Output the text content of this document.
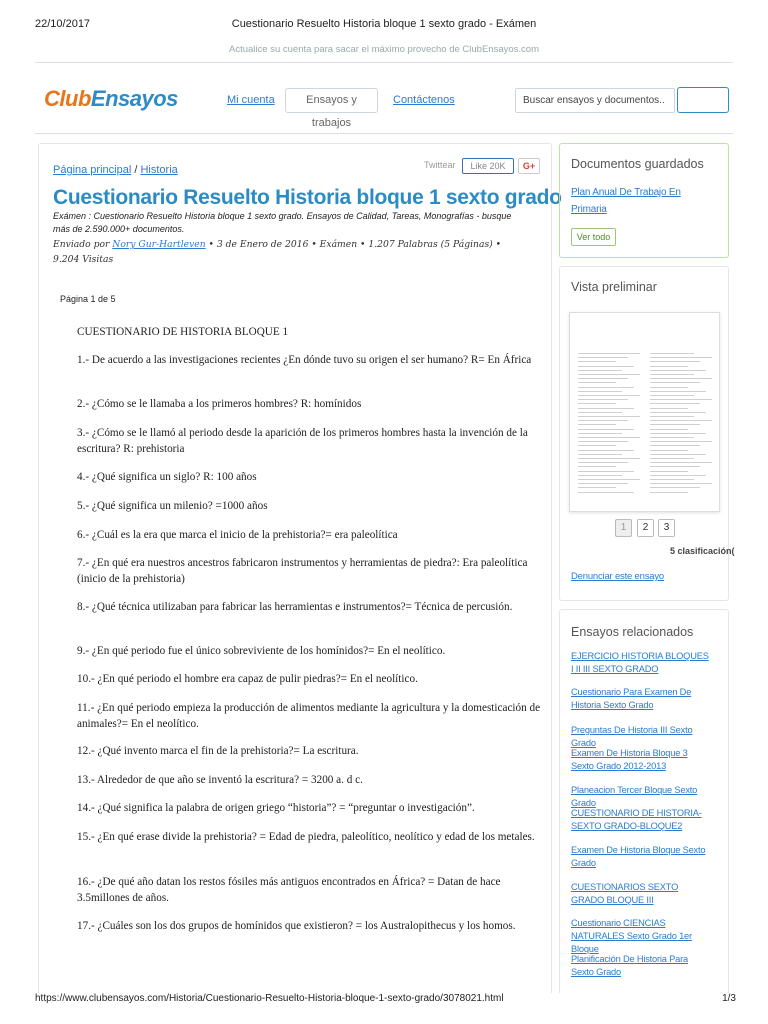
22/10/2017	Cuestionario Resuelto Historia bloque 1 sexto grado - Exámen
Actualice su cuenta para sacar el máximo provecho de ClubEnsayos.com
ClubEnsayos	Mi cuenta	Ensayos y trabajos
Contáctenos	Buscar ensayos y documentos..
Página principal / Historia	Twittear	Like 20K	G+
Cuestionario Resuelto Historia bloque 1 sexto grado
Exámen : Cuestionario Resuelto Historia bloque 1 sexto grado. Ensayos de Calidad, Tareas, Monografías - busque más de 2.590.000+ documentos.
Enviado por Nory Gur-Hartleven • 3 de Enero de 2016 • Exámen • 1.207 Palabras (5 Páginas) • 9.204 Visitas
Página 1 de 5
CUESTIONARIO DE HISTORIA BLOQUE 1
1.- De acuerdo a las investigaciones recientes ¿En dónde tuvo su origen el ser humano? R= En África
2.- ¿Cómo se le llamaba a los primeros hombres? R: homínidos
3.- ¿Cómo se le llamó al periodo desde la aparición de los primeros hombres hasta la invención de la escritura? R: prehistoria
4.- ¿Qué significa un siglo? R: 100 años
5.- ¿Qué significa un milenio? =1000 años
6.- ¿Cuál es la era que marca el inicio de la prehistoria?= era paleolítica
7.- ¿En qué era nuestros ancestros fabricaron instrumentos y herramientas de piedra?: Era paleolítica (inicio de la prehistoria)
8.- ¿Qué técnica utilizaban para fabricar las herramientas e instrumentos?= Técnica de percusión.
9.- ¿En qué periodo fue el único sobreviviente de los homínidos?= En el neolítico.
10.- ¿En qué periodo el hombre era capaz de pulir piedras?= En el neolítico.
11.- ¿En qué periodo empieza la producción de alimentos mediante la agricultura y la domesticación de animales?= En el neolítico.
12.- ¿Qué invento marca el fin de la prehistoria?= La escritura.
13.- Alrededor de que año se inventó la escritura? = 3200 a. d c.
14.- ¿Qué significa la palabra de origen griego “historia”? = “preguntar o investigación”.
15.- ¿En qué erase divide la prehistoria? = Edad de piedra, paleolítico, neolítico y edad de los metales.
16.- ¿De qué año datan los restos fósiles más antiguos encontrados en África? = Datan de hace 3.5millones de años.
17.- ¿Cuáles son los dos grupos de homínidos que existieron? = los Australopithecus y los homos.
Documentos guardados
Plan Anual De Trabajo En Primaria
Ver todo
Vista preliminar
1	2	3
5 clasificación(
Denunciar este ensayo
Ensayos relacionados
EJERCICIO HISTORIA BLOQUES I II III SEXTO GRADO
Cuestionario Para Examen De Historia Sexto Grado
Preguntas De Historia III Sexto Grado
Examen De Historia Bloque 3 Sexto Grado 2012-2013
Planeacion Tercer Bloque Sexto Grado
CUESTIONARIO DE HISTORIA-SEXTO GRADO-BLOQUE2
Examen De Historia Bloque Sexto Grado
CUESTIONARIOS SEXTO GRADO BLOQUE III
Cuestionario CIENCIAS NATURALES Sexto Grado 1er Bloque
Planificación De Historia Para Sexto Grado
https://www.clubensayos.com/Historia/Cuestionario-Resuelto-Historia-bloque-1-sexto-grado/3078021.html	1/3
